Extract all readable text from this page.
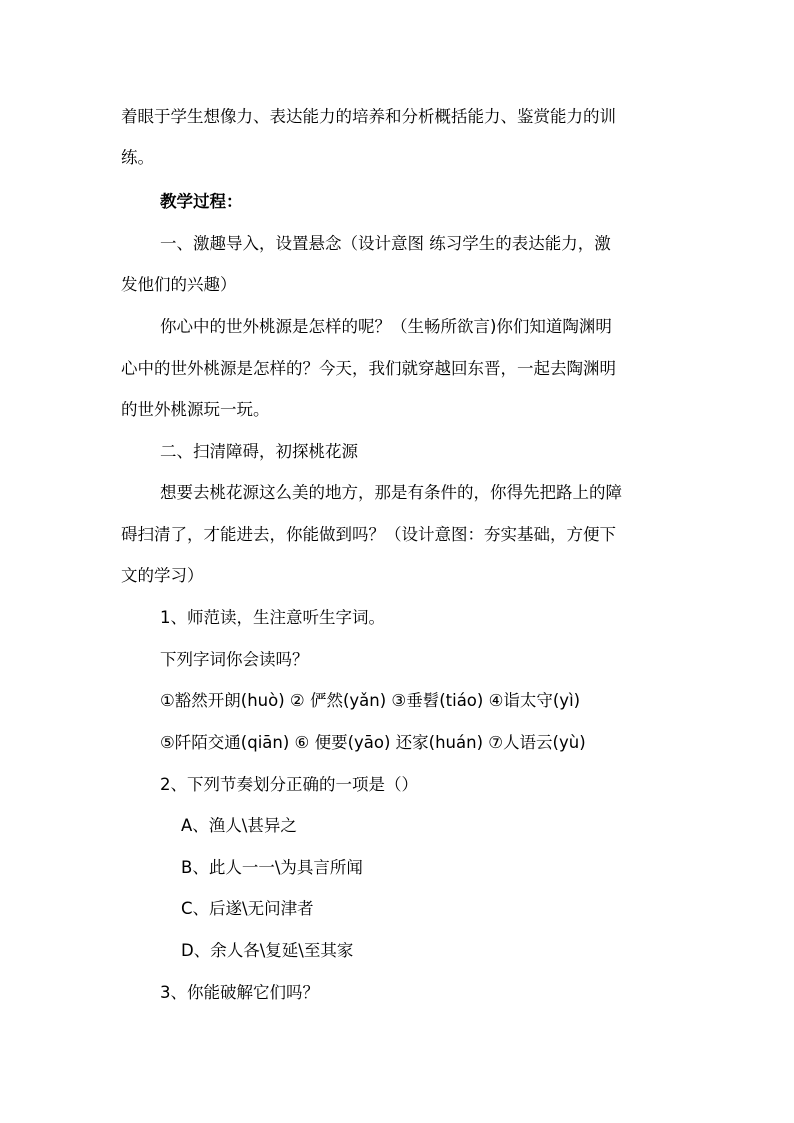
着眼于学生想像力、表达能力的培养和分析概括能力、鉴赏能力的训
练。
教学过程：
一、激趣导入，设置悬念（设计意图 练习学生的表达能力，激
发他们的兴趣）
你心中的世外桃源是怎样的呢？（生畅所欲言)你们知道陶渊明
心中的世外桃源是怎样的？今天，我们就穿越回东晋，一起去陶渊明
的世外桃源玩一玩。
二、扫清障碍，初探桃花源
想要去桃花源这么美的地方，那是有条件的，你得先把路上的障
碍扫清了，才能进去，你能做到吗？（设计意图：夯实基础，方便下
文的学习）
1、师范读，生注意听生字词。
下列字词你会读吗？
①豁然开朗(huò) ② 俨然(yǎn) ③垂髫(tiáo) ④诣太守(yì)
⑤阡陌交通(qiān) ⑥ 便要(yāo) 还家(huán) ⑦人语云(yù)
2、下列节奏划分正确的一项是（）
A、渔人\甚异之
B、此人一一\为具言所闻
C、后遂\无问津者
D、余人各\复延\至其家
3、你能破解它们吗？
